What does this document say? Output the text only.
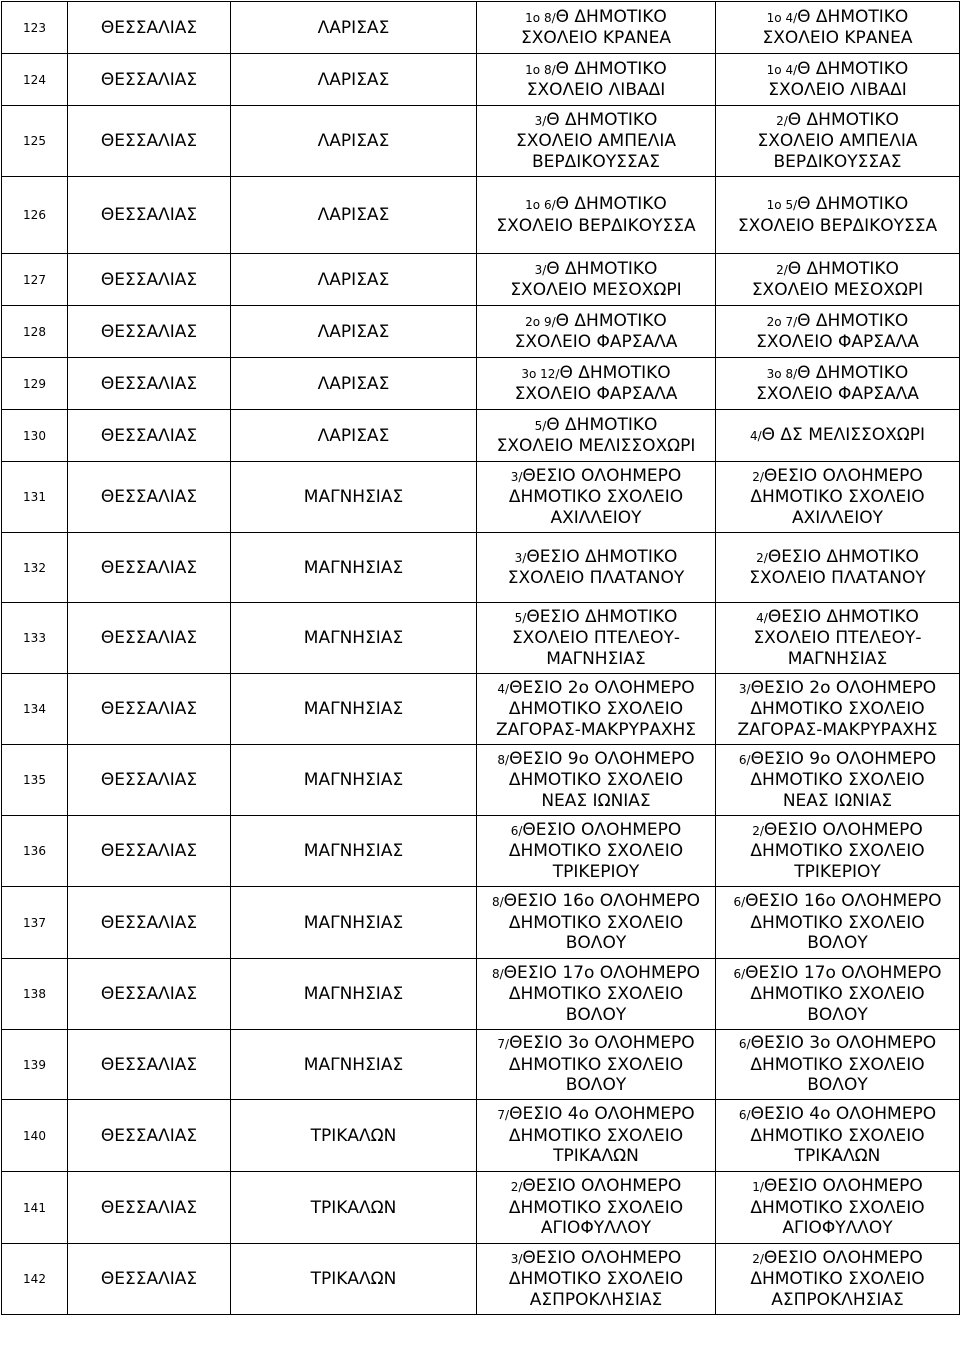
123	ΘΕΣΣΑΛΙΑΣ	ΛΑΡΙΣΑΣ	1ο 8/Θ ΔΗΜΟΤΙΚΟ
ΣΧΟΛΕΙΟ ΚΡΑΝΕΑ	1ο 4/Θ ΔΗΜΟΤΙΚΟ
ΣΧΟΛΕΙΟ ΚΡΑΝΕΑ

124	ΘΕΣΣΑΛΙΑΣ	ΛΑΡΙΣΑΣ	1ο 8/Θ ΔΗΜΟΤΙΚΟ
ΣΧΟΛΕΙΟ ΛΙΒΑΔΙ	1ο 4/Θ ΔΗΜΟΤΙΚΟ
ΣΧΟΛΕΙΟ ΛΙΒΑΔΙ

125	ΘΕΣΣΑΛΙΑΣ	ΛΑΡΙΣΑΣ	3/Θ ΔΗΜΟΤΙΚΟ
ΣΧΟΛΕΙΟ ΑΜΠΕΛΙΑ
ΒΕΡΔΙΚΟΥΣΣΑΣ	2/Θ ΔΗΜΟΤΙΚΟ
ΣΧΟΛΕΙΟ ΑΜΠΕΛΙΑ
ΒΕΡΔΙΚΟΥΣΣΑΣ

126	ΘΕΣΣΑΛΙΑΣ	ΛΑΡΙΣΑΣ	1ο 6/Θ ΔΗΜΟΤΙΚΟ
ΣΧΟΛΕΙΟ ΒΕΡΔΙΚΟΥΣΣΑ	1ο 5/Θ ΔΗΜΟΤΙΚΟ
ΣΧΟΛΕΙΟ ΒΕΡΔΙΚΟΥΣΣΑ

127	ΘΕΣΣΑΛΙΑΣ	ΛΑΡΙΣΑΣ	3/Θ ΔΗΜΟΤΙΚΟ
ΣΧΟΛΕΙΟ ΜΕΣΟΧΩΡΙ	2/Θ ΔΗΜΟΤΙΚΟ
ΣΧΟΛΕΙΟ ΜΕΣΟΧΩΡΙ

128	ΘΕΣΣΑΛΙΑΣ	ΛΑΡΙΣΑΣ	2ο 9/Θ ΔΗΜΟΤΙΚΟ
ΣΧΟΛΕΙΟ ΦΑΡΣΑΛΑ	2ο 7/Θ ΔΗΜΟΤΙΚΟ
ΣΧΟΛΕΙΟ ΦΑΡΣΑΛΑ

129	ΘΕΣΣΑΛΙΑΣ	ΛΑΡΙΣΑΣ	3ο 12/Θ ΔΗΜΟΤΙΚΟ
ΣΧΟΛΕΙΟ ΦΑΡΣΑΛΑ	3ο 8/Θ ΔΗΜΟΤΙΚΟ
ΣΧΟΛΕΙΟ ΦΑΡΣΑΛΑ

130	ΘΕΣΣΑΛΙΑΣ	ΛΑΡΙΣΑΣ	5/Θ ΔΗΜΟΤΙΚΟ
ΣΧΟΛΕΙΟ ΜΕΛΙΣΣΟΧΩΡΙ	4/Θ ΔΣ ΜΕΛΙΣΣΟΧΩΡΙ

131	ΘΕΣΣΑΛΙΑΣ	ΜΑΓΝΗΣΙΑΣ	3/ΘΕΣΙΟ ΟΛΟΗΜΕΡΟ
ΔΗΜΟΤΙΚΟ ΣΧΟΛΕΙΟ
ΑΧΙΛΛΕΙΟΥ	2/ΘΕΣΙΟ ΟΛΟΗΜΕΡΟ
ΔΗΜΟΤΙΚΟ ΣΧΟΛΕΙΟ
ΑΧΙΛΛΕΙΟΥ

132	ΘΕΣΣΑΛΙΑΣ	ΜΑΓΝΗΣΙΑΣ	3/ΘΕΣΙΟ ΔΗΜΟΤΙΚΟ
ΣΧΟΛΕΙΟ ΠΛΑΤΑΝΟΥ	2/ΘΕΣΙΟ ΔΗΜΟΤΙΚΟ
ΣΧΟΛΕΙΟ ΠΛΑΤΑΝΟΥ

133	ΘΕΣΣΑΛΙΑΣ	ΜΑΓΝΗΣΙΑΣ	5/ΘΕΣΙΟ ΔΗΜΟΤΙΚΟ
ΣΧΟΛΕΙΟ ΠΤΕΛΕΟΥ-
ΜΑΓΝΗΣΙΑΣ	4/ΘΕΣΙΟ ΔΗΜΟΤΙΚΟ
ΣΧΟΛΕΙΟ ΠΤΕΛΕΟΥ-
ΜΑΓΝΗΣΙΑΣ

134	ΘΕΣΣΑΛΙΑΣ	ΜΑΓΝΗΣΙΑΣ	4/ΘΕΣΙΟ 2ο ΟΛΟΗΜΕΡΟ
ΔΗΜΟΤΙΚΟ ΣΧΟΛΕΙΟ
ΖΑΓΟΡΑΣ-ΜΑΚΡΥΡΑΧΗΣ	3/ΘΕΣΙΟ 2ο ΟΛΟΗΜΕΡΟ
ΔΗΜΟΤΙΚΟ ΣΧΟΛΕΙΟ
ΖΑΓΟΡΑΣ-ΜΑΚΡΥΡΑΧΗΣ

135	ΘΕΣΣΑΛΙΑΣ	ΜΑΓΝΗΣΙΑΣ	8/ΘΕΣΙΟ 9ο ΟΛΟΗΜΕΡΟ
ΔΗΜΟΤΙΚΟ ΣΧΟΛΕΙΟ
ΝΕΑΣ ΙΩΝΙΑΣ	6/ΘΕΣΙΟ 9ο ΟΛΟΗΜΕΡΟ
ΔΗΜΟΤΙΚΟ ΣΧΟΛΕΙΟ
ΝΕΑΣ ΙΩΝΙΑΣ

136	ΘΕΣΣΑΛΙΑΣ	ΜΑΓΝΗΣΙΑΣ	6/ΘΕΣΙΟ ΟΛΟΗΜΕΡΟ
ΔΗΜΟΤΙΚΟ ΣΧΟΛΕΙΟ
ΤΡΙΚΕΡΙΟΥ	2/ΘΕΣΙΟ ΟΛΟΗΜΕΡΟ
ΔΗΜΟΤΙΚΟ ΣΧΟΛΕΙΟ
ΤΡΙΚΕΡΙΟΥ

137	ΘΕΣΣΑΛΙΑΣ	ΜΑΓΝΗΣΙΑΣ	8/ΘΕΣΙΟ 16ο ΟΛΟΗΜΕΡΟ
ΔΗΜΟΤΙΚΟ ΣΧΟΛΕΙΟ
ΒΟΛΟΥ	6/ΘΕΣΙΟ 16ο ΟΛΟΗΜΕΡΟ
ΔΗΜΟΤΙΚΟ ΣΧΟΛΕΙΟ
ΒΟΛΟΥ

138	ΘΕΣΣΑΛΙΑΣ	ΜΑΓΝΗΣΙΑΣ	8/ΘΕΣΙΟ 17ο ΟΛΟΗΜΕΡΟ
ΔΗΜΟΤΙΚΟ ΣΧΟΛΕΙΟ
ΒΟΛΟΥ	6/ΘΕΣΙΟ 17ο ΟΛΟΗΜΕΡΟ
ΔΗΜΟΤΙΚΟ ΣΧΟΛΕΙΟ
ΒΟΛΟΥ

139	ΘΕΣΣΑΛΙΑΣ	ΜΑΓΝΗΣΙΑΣ	7/ΘΕΣΙΟ 3ο ΟΛΟΗΜΕΡΟ
ΔΗΜΟΤΙΚΟ ΣΧΟΛΕΙΟ
ΒΟΛΟΥ	6/ΘΕΣΙΟ 3ο ΟΛΟΗΜΕΡΟ
ΔΗΜΟΤΙΚΟ ΣΧΟΛΕΙΟ
ΒΟΛΟΥ

140	ΘΕΣΣΑΛΙΑΣ	ΤΡΙΚΑΛΩΝ	7/ΘΕΣΙΟ 4ο ΟΛΟΗΜΕΡΟ
ΔΗΜΟΤΙΚΟ ΣΧΟΛΕΙΟ
ΤΡΙΚΑΛΩΝ	6/ΘΕΣΙΟ 4ο ΟΛΟΗΜΕΡΟ
ΔΗΜΟΤΙΚΟ ΣΧΟΛΕΙΟ
ΤΡΙΚΑΛΩΝ

141	ΘΕΣΣΑΛΙΑΣ	ΤΡΙΚΑΛΩΝ	2/ΘΕΣΙΟ ΟΛΟΗΜΕΡΟ
ΔΗΜΟΤΙΚΟ ΣΧΟΛΕΙΟ
ΑΓΙΟΦΥΛΛΟΥ	1/ΘΕΣΙΟ ΟΛΟΗΜΕΡΟ
ΔΗΜΟΤΙΚΟ ΣΧΟΛΕΙΟ
ΑΓΙΟΦΥΛΛΟΥ

142	ΘΕΣΣΑΛΙΑΣ	ΤΡΙΚΑΛΩΝ	3/ΘΕΣΙΟ ΟΛΟΗΜΕΡΟ
ΔΗΜΟΤΙΚΟ ΣΧΟΛΕΙΟ
ΑΣΠΡΟΚΛΗΣΙΑΣ	2/ΘΕΣΙΟ ΟΛΟΗΜΕΡΟ
ΔΗΜΟΤΙΚΟ ΣΧΟΛΕΙΟ
ΑΣΠΡΟΚΛΗΣΙΑΣ
